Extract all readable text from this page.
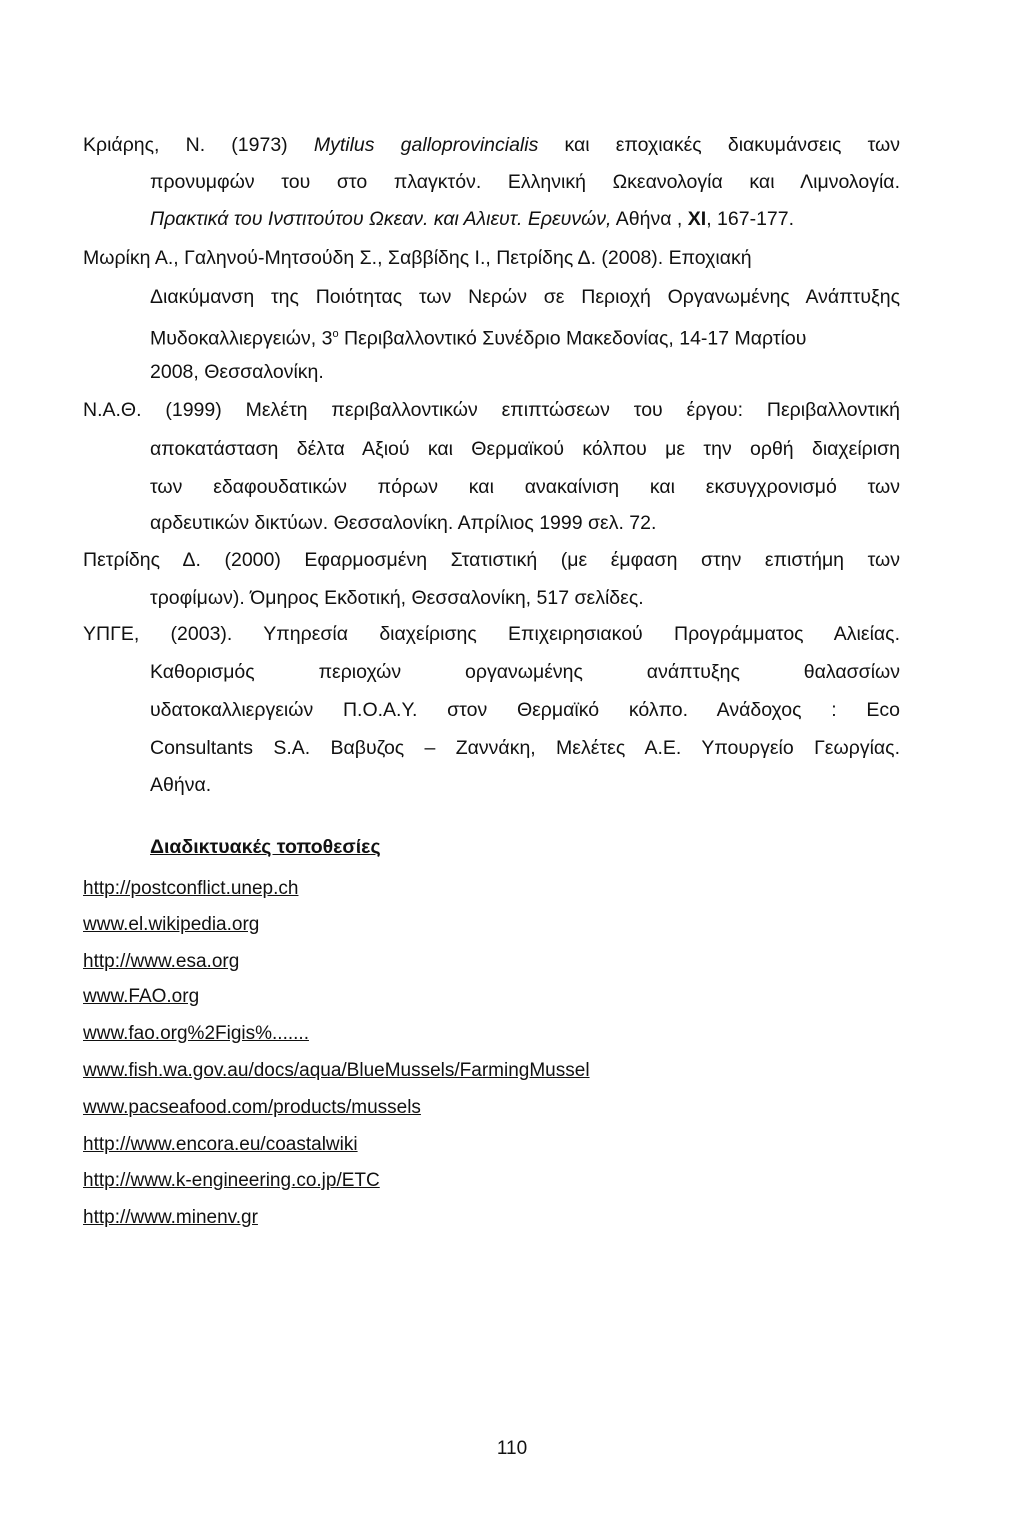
Κριάρης, Ν. (1973) Mytilus galloprovincialis και εποχιακές διακυμάνσεις των
προνυμφών του στο πλαγκτόν. Ελληνική Ωκεανολογία και Λιμνολογία.
Πρακτικά του Ινστιτούτου Ωκεαν. και Αλιευτ. Ερευνών, Αθήνα , XI, 167-177.
Μωρίκη Α., Γαληνού-Μητσούδη Σ., Σαββίδης Ι., Πετρίδης Δ. (2008). Εποχιακή
Διακύμανση της Ποιότητας των Νερών σε Περιοχή Οργανωμένης Ανάπτυξης
Μυδοκαλλιεργειών, $3^o$ Περιβαλλοντικό Συνέδριο Μακεδονίας, 14-17 Μαρτίου
2008, Θεσσαλονίκη.
Ν.Α.Θ. (1999) Μελέτη περιβαλλοντικών επιπτώσεων του έργου: Περιβαλλοντική
αποκατάσταση δέλτα Αξιού και Θερμαϊκού κόλπου με την ορθή διαχείριση
των εδαφουδατικών πόρων και ανακαίνιση και εκσυγχρονισμό των
αρδευτικών δικτύων. Θεσσαλονίκη. Απρίλιος 1999 σελ. 72.
Πετρίδης Δ. (2000) Εφαρμοσμένη Στατιστική (με έμφαση στην επιστήμη των
τροφίμων). Όμηρος Εκδοτική, Θεσσαλονίκη, 517 σελίδες.
ΥΠΓΕ, (2003). Υπηρεσία διαχείρισης Επιχειρησιακού Προγράμματος Αλιείας.
Καθορισμός περιοχών οργανωμένης ανάπτυξης θαλασσίων
υδατοκαλλιεργειών Π.Ο.Α.Υ. στον Θερμαϊκό κόλπο. Ανάδοχος : Eco
Consultants S.A. Βαβυζος – Ζαννάκη, Μελέτες Α.Ε. Υπουργείο Γεωργίας.
Αθήνα.
Διαδικτυακές τοποθεσίες
http://postconflict.unep.ch
www.el.wikipedia.org
http://www.esa.org
www.FAO.org
www.fao.org%2Figis%.......
www.fish.wa.gov.au/docs/aqua/BlueMussels/FarmingMussel
www.pacseafood.com/products/mussels
http://www.encora.eu/coastalwiki
http://www.k-engineering.co.jp/ETC
http://www.minenv.gr
110
